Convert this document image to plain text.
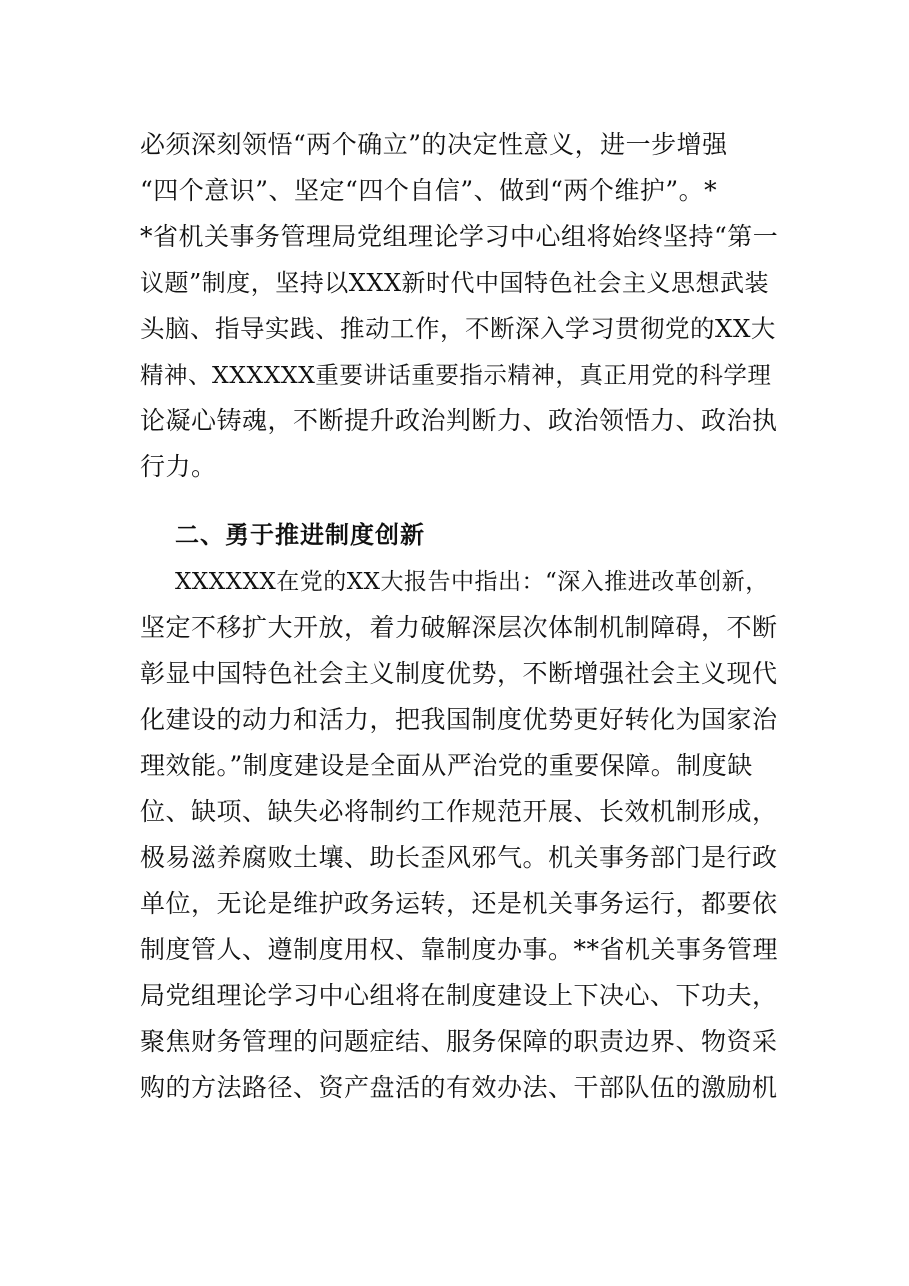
必须深刻领悟“两个确立”的决定性意义，进一步增强
“四个意识”、坚定“四个自信”、做到“两个维护”。*
*省机关事务管理局党组理论学习中心组将始终坚持“第一
议题”制度，坚持以XXX新时代中国特色社会主义思想武装
头脑、指导实践、推动工作，不断深入学习贯彻党的XX大
精神、XXXXXX重要讲话重要指示精神，真正用党的科学理
论凝心铸魂，不断提升政治判断力、政治领悟力、政治执
行力。
二、勇于推进制度创新
XXXXXX在党的XX大报告中指出：“深入推进改革创新，
坚定不移扩大开放，着力破解深层次体制机制障碍，不断
彰显中国特色社会主义制度优势，不断增强社会主义现代
化建设的动力和活力，把我国制度优势更好转化为国家治
理效能。”制度建设是全面从严治党的重要保障。制度缺
位、缺项、缺失必将制约工作规范开展、长效机制形成，
极易滋养腐败土壤、助长歪风邪气。机关事务部门是行政
单位，无论是维护政务运转，还是机关事务运行，都要依
制度管人、遵制度用权、靠制度办事。**省机关事务管理
局党组理论学习中心组将在制度建设上下决心、下功夫，
聚焦财务管理的问题症结、服务保障的职责边界、物资采
购的方法路径、资产盘活的有效办法、干部队伍的激励机
